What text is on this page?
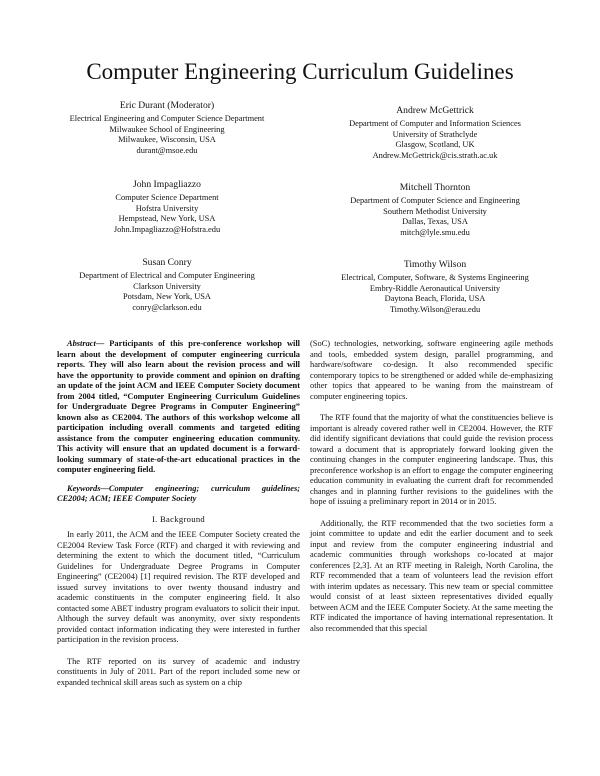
Computer Engineering Curriculum Guidelines
Eric Durant (Moderator)
Electrical Engineering and Computer Science Department
Milwaukee School of Engineering
Milwaukee, Wisconsin, USA
durant@msoe.edu
John Impagliazzo
Computer Science Department
Hofstra University
Hempstead, New York, USA
John.Impagliazzo@Hofstra.edu
Susan Conry
Department of Electrical and Computer Engineering
Clarkson University
Potsdam, New York, USA
conry@clarkson.edu
Andrew McGettrick
Department of Computer and Information Sciences
University of Strathclyde
Glasgow, Scotland, UK
Andrew.McGettrick@cis.strath.ac.uk
Mitchell Thornton
Department of Computer Science and Engineering
Southern Methodist University
Dallas, Texas, USA
mitch@lyle.smu.edu
Timothy Wilson
Electrical, Computer, Software, & Systems Engineering
Embry-Riddle Aeronautical University
Daytona Beach, Florida, USA
Timothy.Wilson@erau.edu

Abstract— Participants of this pre-conference workshop will learn about the development of computer engineering curricula reports. They will also learn about the revision process and will have the opportunity to provide comment and opinion on drafting an update of the joint ACM and IEEE Computer Society document from 2004 titled, “Computer Engineering Curriculum Guidelines for Undergraduate Degree Programs in Computer Engineering” known also as CE2004. The authors of this workshop welcome all participation including overall comments and targeted editing assistance from the computer engineering education community. This activity will ensure that an updated document is a forward-looking summary of state-of-the-art educational practices in the computer engineering field.

Keywords—Computer engineering; curriculum guidelines; CE2004; ACM; IEEE Computer Society

I. Background

In early 2011, the ACM and the IEEE Computer Society created the CE2004 Review Task Force (RTF) and charged it with reviewing and determining the extent to which the document titled, “Curriculum Guidelines for Undergraduate Degree Programs in Computer Engineering” (CE2004) [1] required revision. The RTF developed and issued survey invitations to over twenty thousand industry and academic constituents in the computer engineering field. It also contacted some ABET industry program evaluators to solicit their input. Although the survey default was anonymity, over sixty respondents provided contact information indicating they were interested in further participation in the revision process.

The RTF reported on its survey of academic and industry constituents in July of 2011. Part of the report included some new or expanded technical skill areas such as system on a chip

(SoC) technologies, networking, software engineering agile methods and tools, embedded system design, parallel programming, and hardware/software co-design. It also recommended specific contemporary topics to be strengthened or added while de-emphasizing other topics that appeared to be waning from the mainstream of computer engineering topics.

The RTF found that the majority of what the constituencies believe is important is already covered rather well in CE2004. However, the RTF did identify significant deviations that could guide the revision process toward a document that is appropriately forward looking given the continuing changes in the computer engineering landscape. Thus, this preconference workshop is an effort to engage the computer engineering education community in evaluating the current draft for recommended changes and in planning further revisions to the guidelines with the hope of issuing a preliminary report in 2014 or in 2015.

Additionally, the RTF recommended that the two societies form a joint committee to update and edit the earlier document and to seek input and review from the computer engineering industrial and academic communities through workshops co-located at major conferences [2,3]. At an RTF meeting in Raleigh, North Carolina, the RTF recommended that a team of volunteers lead the revision effort with interim updates as necessary. This new team or special committee would consist of at least sixteen representatives divided equally between ACM and the IEEE Computer Society. At the same meeting the RTF indicated the importance of having international representation. It also recommended that this special
